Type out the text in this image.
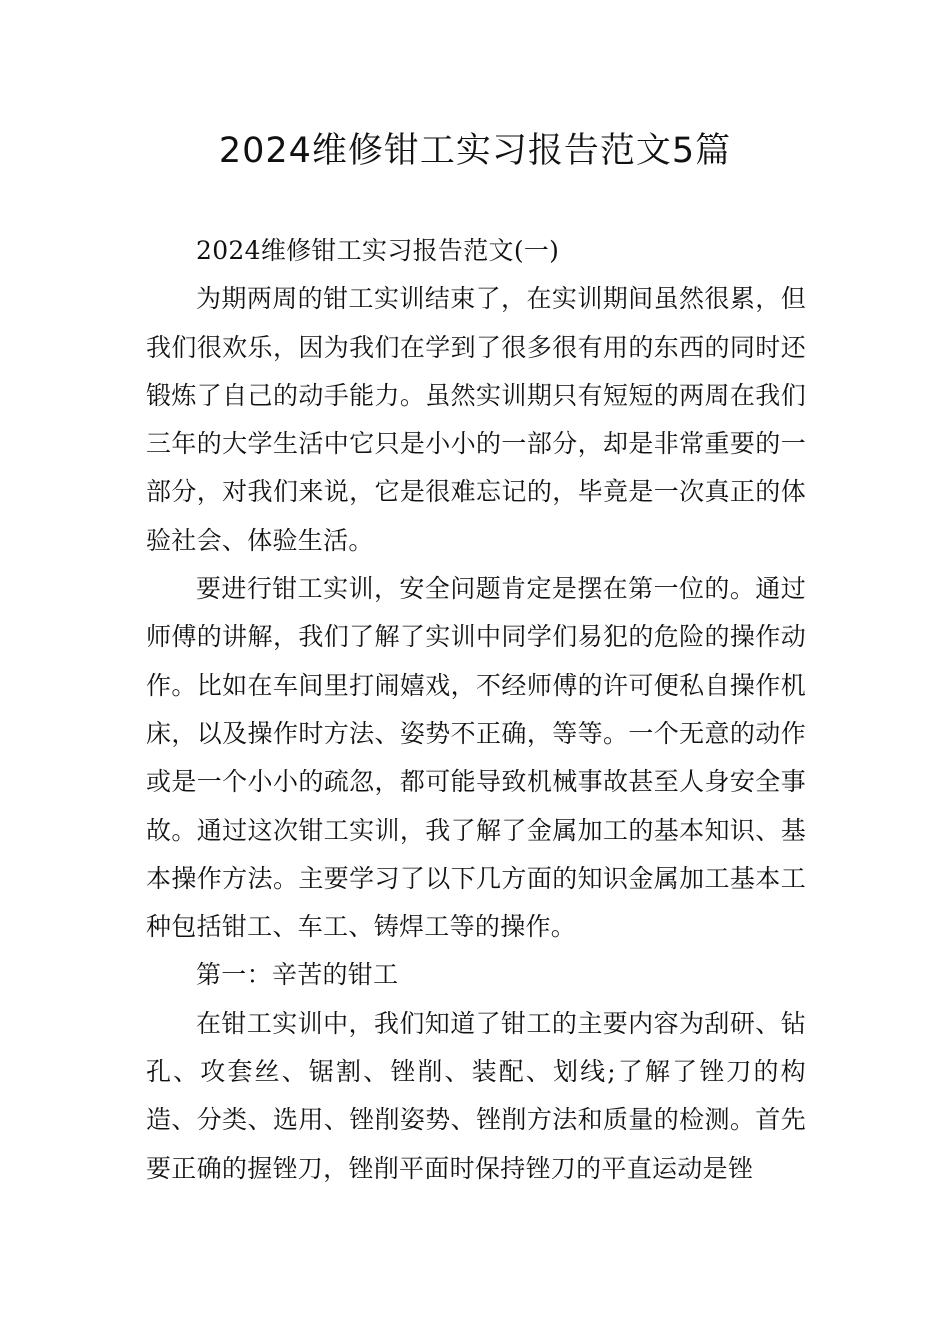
2024维修钳工实习报告范文5篇

2024维修钳工实习报告范文(一)

为期两周的钳工实训结束了，在实训期间虽然很累，但我们很欢乐，因为我们在学到了很多很有用的东西的同时还锻炼了自己的动手能力。虽然实训期只有短短的两周在我们三年的大学生活中它只是小小的一部分，却是非常重要的一部分，对我们来说，它是很难忘记的，毕竟是一次真正的体验社会、体验生活。

要进行钳工实训，安全问题肯定是摆在第一位的。通过师傅的讲解，我们了解了实训中同学们易犯的危险的操作动作。比如在车间里打闹嬉戏，不经师傅的许可便私自操作机床，以及操作时方法、姿势不正确，等等。一个无意的动作或是一个小小的疏忽，都可能导致机械事故甚至人身安全事故。通过这次钳工实训，我了解了金属加工的基本知识、基本操作方法。主要学习了以下几方面的知识金属加工基本工种包括钳工、车工、铸焊工等的操作。

第一：辛苦的钳工

在钳工实训中，我们知道了钳工的主要内容为刮研、钻孔、攻套丝、锯割、锉削、装配、划线;了解了锉刀的构造、分类、选用、锉削姿势、锉削方法和质量的检测。首先要正确的握锉刀，锉削平面时保持锉刀的平直运动是锉
